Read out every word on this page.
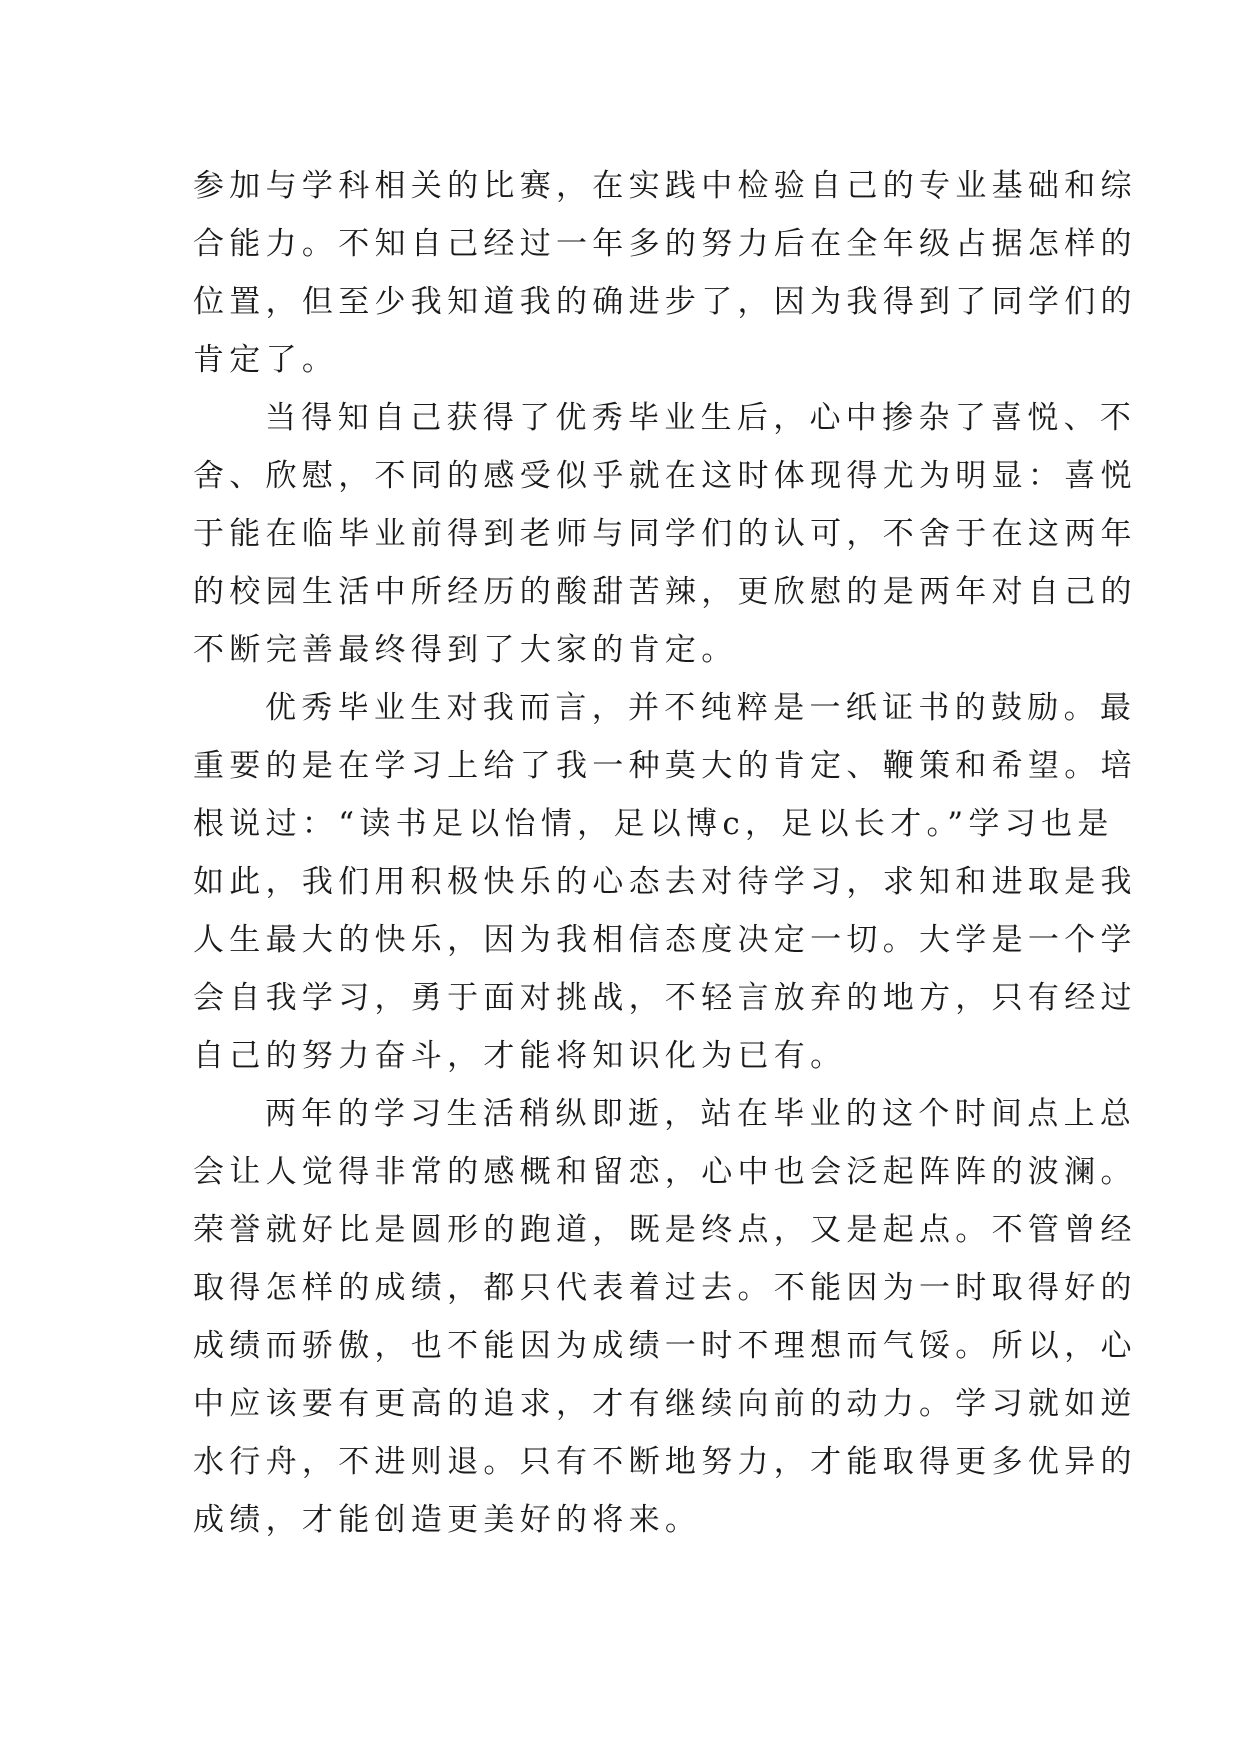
参加与学科相关的比赛，在实践中检验自己的专业基础和综
合能力。不知自己经过一年多的努力后在全年级占据怎样的
位置，但至少我知道我的确进步了，因为我得到了同学们的
肯定了。
当得知自己获得了优秀毕业生后，心中掺杂了喜悦、不
舍、欣慰，不同的感受似乎就在这时体现得尤为明显：喜悦
于能在临毕业前得到老师与同学们的认可，不舍于在这两年
的校园生活中所经历的酸甜苦辣，更欣慰的是两年对自己的
不断完善最终得到了大家的肯定。
优秀毕业生对我而言，并不纯粹是一纸证书的鼓励。最
重要的是在学习上给了我一种莫大的肯定、鞭策和希望。培
根说过：“读书足以怡情，足以博c，足以长才。”学习也是
如此，我们用积极快乐的心态去对待学习，求知和进取是我
人生最大的快乐，因为我相信态度决定一切。大学是一个学
会自我学习，勇于面对挑战，不轻言放弃的地方，只有经过
自己的努力奋斗，才能将知识化为已有。
两年的学习生活稍纵即逝，站在毕业的这个时间点上总
会让人觉得非常的感概和留恋，心中也会泛起阵阵的波澜。
荣誉就好比是圆形的跑道，既是终点，又是起点。不管曾经
取得怎样的成绩，都只代表着过去。不能因为一时取得好的
成绩而骄傲，也不能因为成绩一时不理想而气馁。所以，心
中应该要有更高的追求，才有继续向前的动力。学习就如逆
水行舟，不进则退。只有不断地努力，才能取得更多优异的
成绩，才能创造更美好的将来。
